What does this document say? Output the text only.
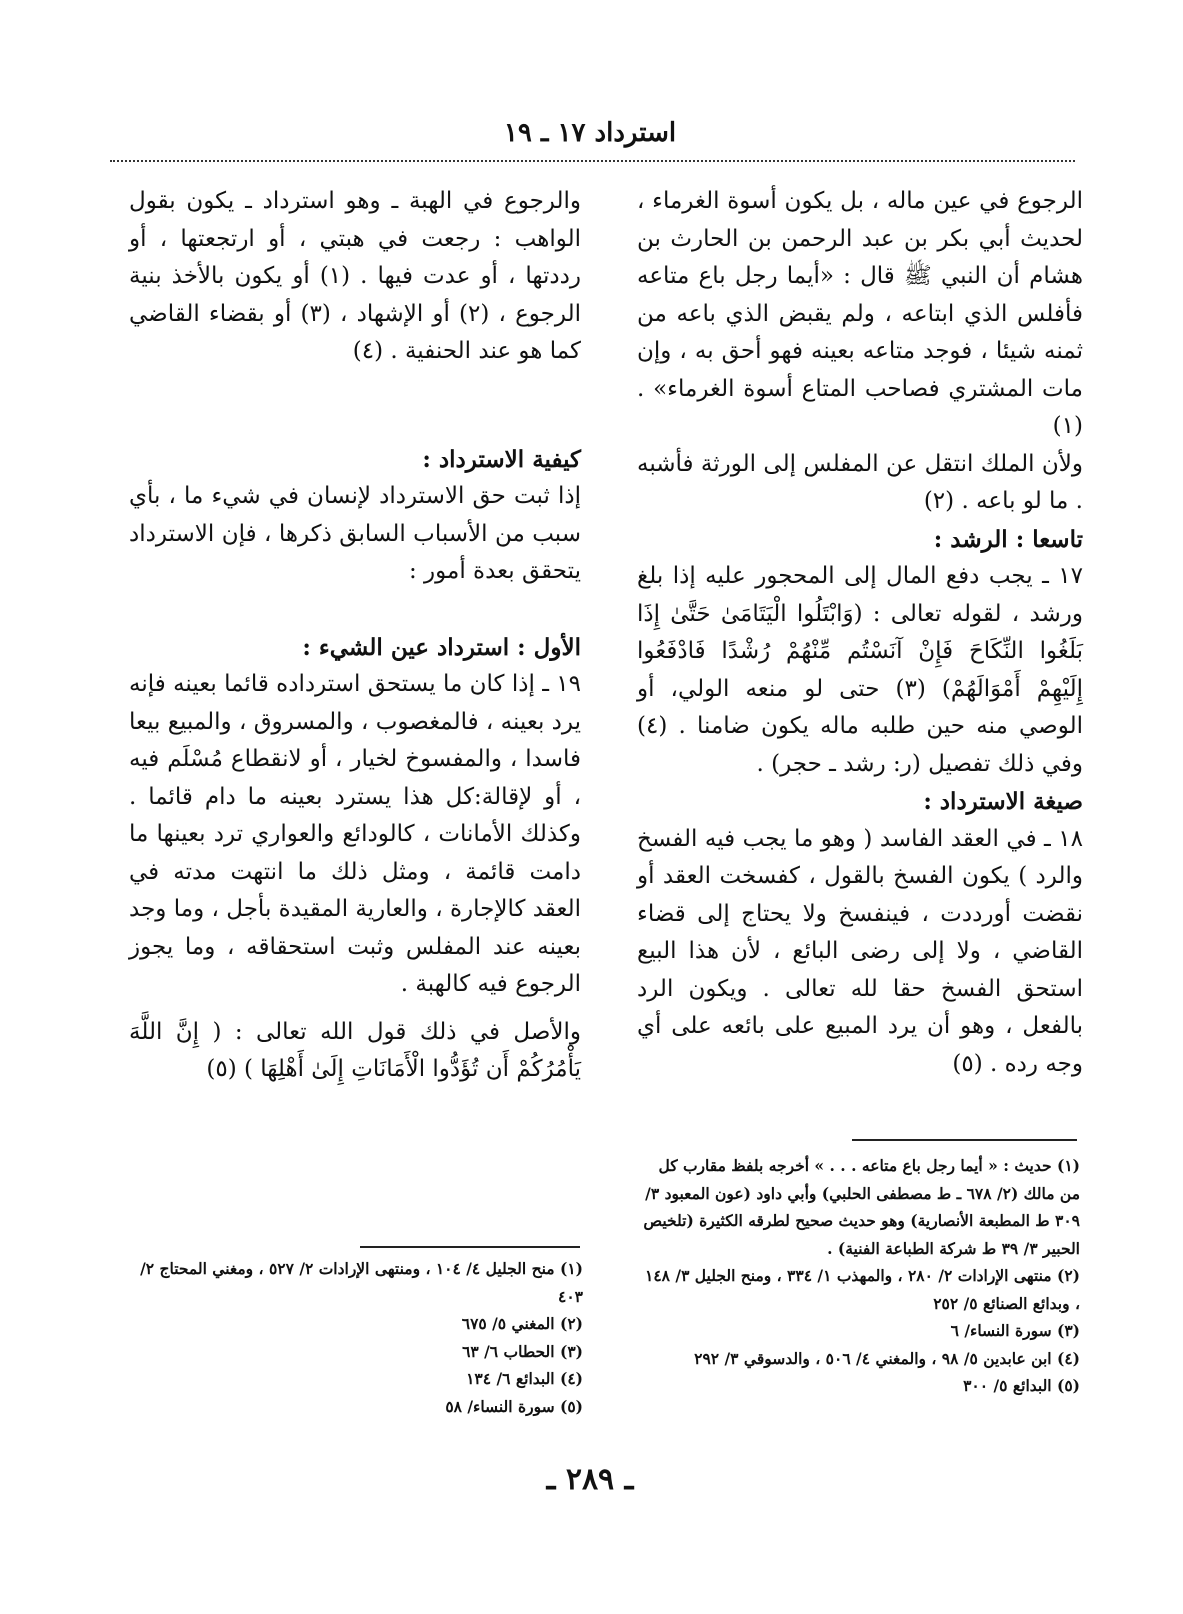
استرداد ١٧ ـ ١٩

الرجوع في عين ماله ، بل يكون أسوة الغرماء ، لحديث أبي بكر بن عبد الرحمن بن الحارث بن هشام أن النبي ﷺ قال : «أيما رجل باع متاعه فأفلس الذي ابتاعه ، ولم يقبض الذي باعه من ثمنه شيئا ، فوجد متاعه بعينه فهو أحق به ، وإن مات المشتري فصاحب المتاع أسوة الغرماء» . (١)

ولأن الملك انتقل عن المفلس إلى الورثة فأشبه . ما لو باعه . (٢)

تاسعا : الرشد :

١٧ ـ يجب دفع المال إلى المحجور عليه إذا بلغ ورشد ، لقوله تعالى : (وَابْتَلُوا الْيَتَامَىٰ حَتَّىٰ إِذَا بَلَغُوا النِّكَاحَ فَإِنْ آنَسْتُم مِّنْهُمْ رُشْدًا فَادْفَعُوا إِلَيْهِمْ أَمْوَالَهُمْ) (٣) حتى لو منعه الولي، أو الوصي منه حين طلبه ماله يكون ضامنا . (٤) وفي ذلك تفصيل (ر: رشد ـ حجر) .

صيغة الاسترداد :

١٨ ـ في العقد الفاسد ( وهو ما يجب فيه الفسخ والرد ) يكون الفسخ بالقول ، كفسخت العقد أو نقضت أورددت ، فينفسخ ولا يحتاج إلى قضاء القاضي ، ولا إلى رضى البائع ، لأن هذا البيع استحق الفسخ حقا لله تعالى . ويكون الرد بالفعل ، وهو أن يرد المبيع على بائعه على أي وجه رده . (٥)

والرجوع في الهبة ـ وهو استرداد ـ يكون بقول الواهب : رجعت في هبتي ، أو ارتجعتها ، أو رددتها ، أو عدت فيها . (١) أو يكون بالأخذ بنية الرجوع ، (٢) أو الإشهاد ، (٣) أو بقضاء القاضي كما هو عند الحنفية . (٤)

كيفية الاسترداد :

إذا ثبت حق الاسترداد لإنسان في شيء ما ، بأي سبب من الأسباب السابق ذكرها ، فإن الاسترداد يتحقق بعدة أمور :

الأول : استرداد عين الشيء :

١٩ ـ إذا كان ما يستحق استرداده قائما بعينه فإنه يرد بعينه ، فالمغصوب ، والمسروق ، والمبيع بيعا فاسدا ، والمفسوخ لخيار ، أو لانقطاع مُسْلَم فيه ، أو لإقالة:كل هذا يسترد بعينه ما دام قائما . وكذلك الأمانات ، كالودائع والعواري ترد بعينها ما دامت قائمة ، ومثل ذلك ما انتهت مدته في العقد كالإجارة ، والعارية المقيدة بأجل ، وما وجد بعينه عند المفلس وثبت استحقاقه ، وما يجوز الرجوع فيه كالهبة .

والأصل في ذلك قول الله تعالى : ( إِنَّ اللَّهَ يَأْمُرُكُمْ أَن تُؤَدُّوا الْأَمَانَاتِ إِلَىٰ أَهْلِهَا ) (٥)

(١) حديث : « أيما رجل باع متاعه . . . » أخرجه بلفظ مقارب كل من مالك (٢/ ٦٧٨ ـ ط مصطفى الحلبي) وأبي داود (عون المعبود ٣/ ٣٠٩ ط المطبعة الأنصارية) وهو حديث صحيح لطرقه الكثيرة (تلخيص الحبير ٣/ ٣٩ ط شركة الطباعة الفنية) .

(٢) منتهى الإرادات ٢/ ٢٨٠ ، والمهذب ١/ ٣٣٤ ، ومنح الجليل ٣/ ١٤٨ ، وبدائع الصنائع ٥/ ٢٥٢

(٣) سورة النساء/ ٦

(٤) ابن عابدين ٥/ ٩٨ ، والمغني ٤/ ٥٠٦ ، والدسوقي ٣/ ٢٩٢

(٥) البدائع ٥/ ٣٠٠

(١) منح الجليل ٤/ ١٠٤ ، ومنتهى الإرادات ٢/ ٥٢٧ ، ومغني المحتاج ٢/ ٤٠٣

(٢) المغني ٥/ ٦٧٥

(٣) الحطاب ٦/ ٦٣

(٤) البدائع ٦/ ١٣٤

(٥) سورة النساء/ ٥٨

ـ ٢٨٩ ـ
